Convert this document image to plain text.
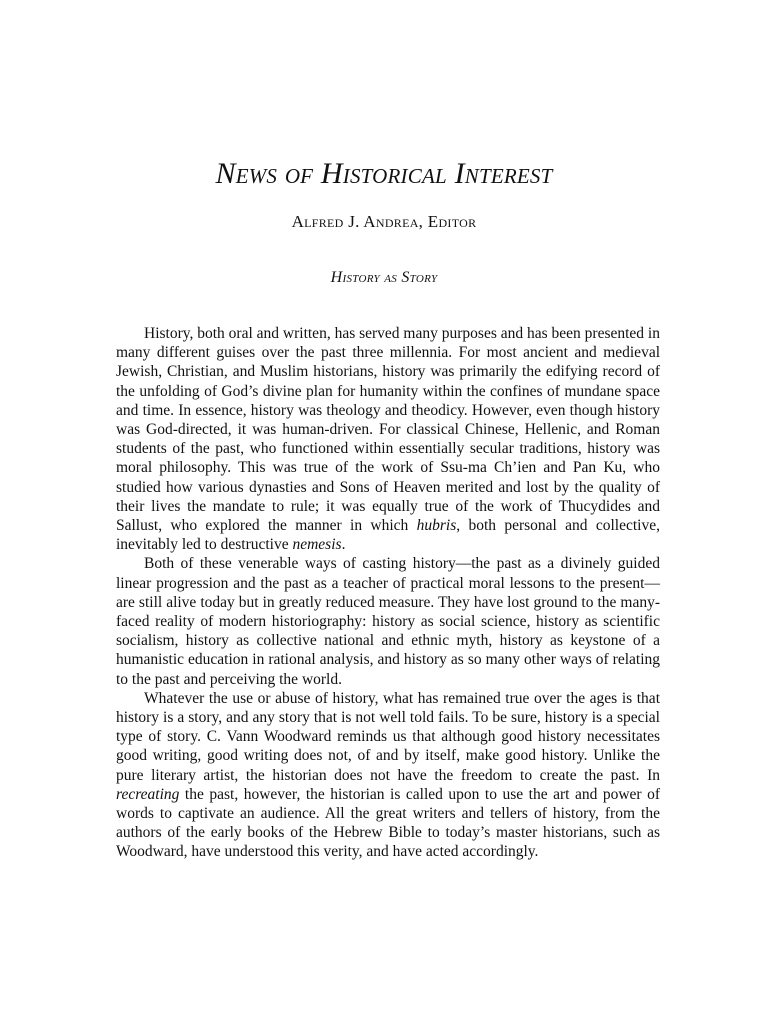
News of Historical Interest
Alfred J. Andrea, Editor
History as Story

History, both oral and written, has served many purposes and has been presented in many different guises over the past three millennia. For most ancient and medieval Jewish, Christian, and Muslim historians, history was primarily the edifying record of the unfolding of God’s divine plan for humanity within the confines of mundane space and time. In essence, history was theology and theodicy. However, even though history was God-directed, it was human-driven. For classical Chinese, Hellenic, and Roman students of the past, who functioned within essentially secular traditions, history was moral philosophy. This was true of the work of Ssu-ma Ch’ien and Pan Ku, who studied how various dynasties and Sons of Heaven merited and lost by the quality of their lives the mandate to rule; it was equally true of the work of Thucydides and Sallust, who explored the manner in which hubris, both personal and collective, inevitably led to destructive nemesis.

Both of these venerable ways of casting history—the past as a divinely guided linear progression and the past as a teacher of practical moral lessons to the present—are still alive today but in greatly reduced measure. They have lost ground to the many-faced reality of modern historiography: history as social science, history as scientific socialism, history as collective national and ethnic myth, history as keystone of a humanistic education in rational analysis, and history as so many other ways of relating to the past and perceiving the world.

Whatever the use or abuse of history, what has remained true over the ages is that history is a story, and any story that is not well told fails. To be sure, history is a special type of story. C. Vann Woodward reminds us that although good history necessitates good writing, good writing does not, of and by itself, make good history. Unlike the pure literary artist, the historian does not have the freedom to create the past. In recreating the past, however, the historian is called upon to use the art and power of words to captivate an audience. All the great writers and tellers of history, from the authors of the early books of the Hebrew Bible to today’s master historians, such as Woodward, have understood this verity, and have acted accordingly.
